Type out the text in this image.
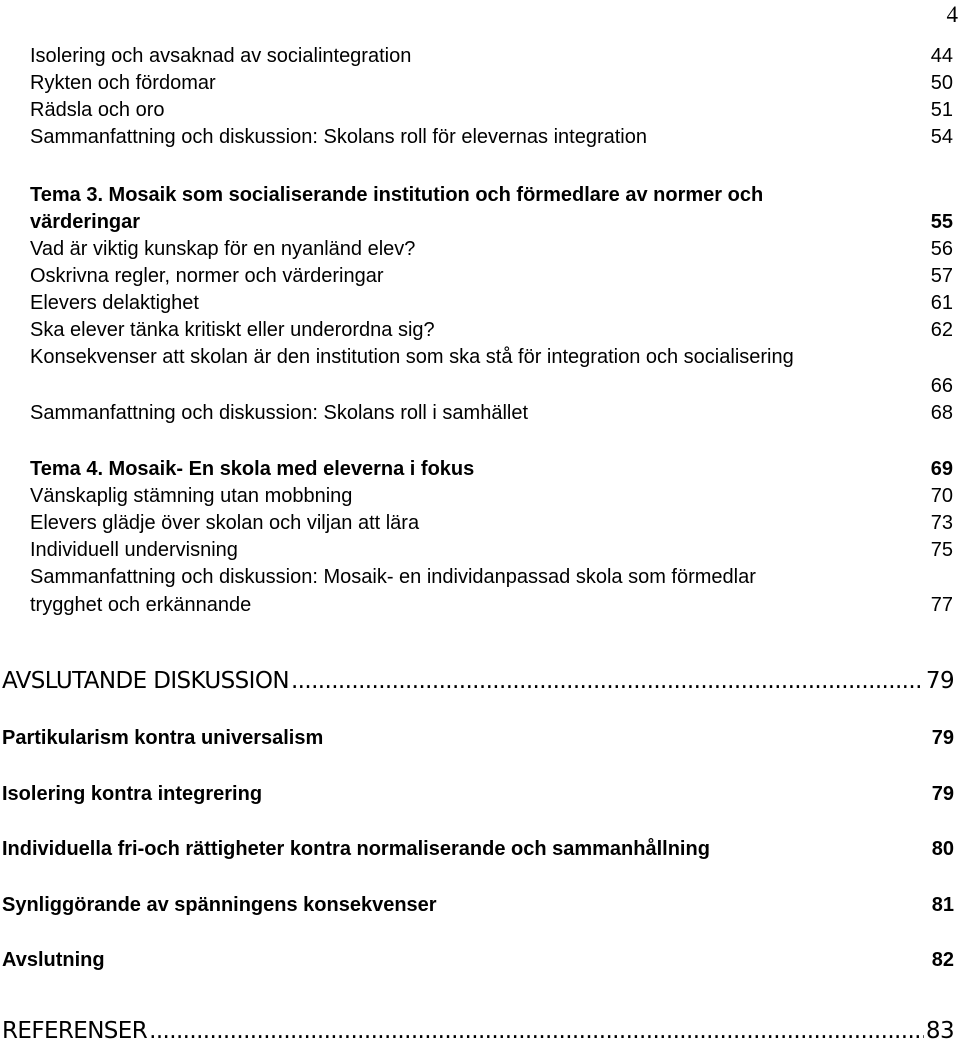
4
Isolering och avsaknad av socialintegration	44
Rykten och fördomar	50
Rädsla och oro	51
Sammanfattning och diskussion: Skolans roll för elevernas integration	54
Tema 3. Mosaik som socialiserande institution och förmedlare av normer och
värderingar	55
Vad är viktig kunskap för en nyanländ elev?	56
Oskrivna regler, normer och värderingar	57
Elevers delaktighet	61
Ska elever tänka kritiskt eller underordna sig?	62
Konsekvenser att skolan är den institution som ska stå för integration och socialisering
66
Sammanfattning och diskussion: Skolans roll i samhället	68
Tema 4. Mosaik- En skola med eleverna i fokus	69
Vänskaplig stämning utan mobbning	70
Elevers glädje över skolan och viljan att lära	73
Individuell undervisning	75
Sammanfattning och diskussion: Mosaik- en individanpassad skola som förmedlar
trygghet och erkännande	77
AVSLUTANDE DISKUSSION .....	79
Partikularism kontra universalism	79
Isolering kontra integrering	79
Individuella fri-och rättigheter kontra normaliserande och sammanhållning	80
Synliggörande av spänningens konsekvenser	81
Avslutning	82
REFERENSER .....	83
